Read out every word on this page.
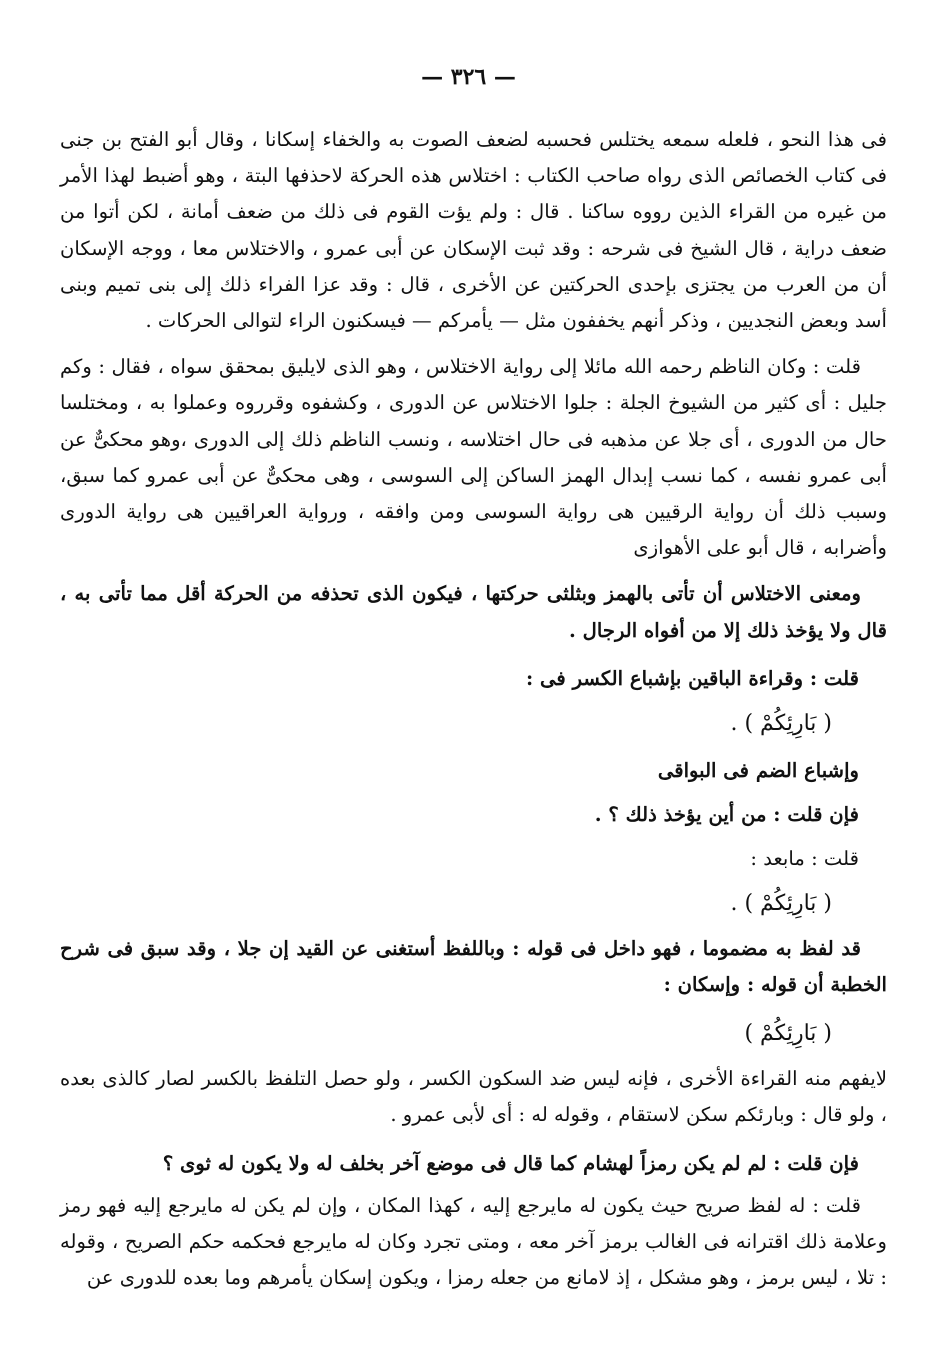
— ٣٢٦ —

فى هذا النحو ، فلعله سمعه يختلس فحسبه لضعف الصوت به والخفاء إسكانا ، وقال أبو الفتح بن جنى فى كتاب الخصائص الذى رواه صاحب الكتاب : اختلاس هذه الحركة لاحذفها البتة ، وهو أضبط لهذا الأمر من غيره من القراء الذين رووه ساكنا . قال : ولم يؤت القوم فى ذلك من ضعف أمانة ، لكن أتوا من ضعف دراية ، قال الشيخ فى شرحه : وقد ثبت الإسكان عن أبى عمرو ، والاختلاس معا ، ووجه الإسكان أن من العرب من يجتزى بإحدى الحركتين عن الأخرى ، قال : وقد عزا الفراء ذلك إلى بنى تميم وبنى أسد وبعض النجديين ، وذكر أنهم يخففون مثل — يأمركم — فيسكنون الراء لتوالى الحركات .

قلت : وكان الناظم رحمه الله مائلا إلى رواية الاختلاس ، وهو الذى لايليق بمحقق سواه ، فقال : وكم جليل : أى كثير من الشيوخ الجلة : جلوا الاختلاس عن الدورى ، وكشفوه وقرروه وعملوا به ، ومختلسا حال من الدورى ، أى جلا عن مذهبه فى حال اختلاسه ، ونسب الناظم ذلك إلى الدورى ،وهو محكىٌّ عن أبى عمرو نفسه ، كما نسب إبدال الهمز الساكن إلى السوسى ، وهى محكىٌّ عن أبى عمرو كما سبق، وسبب ذلك أن رواية الرقيين هى رواية السوسى ومن وافقه ، ورواية العراقيين هى رواية الدورى وأضرابه ، قال أبو على الأهوازى

ومعنى الاختلاس أن تأتى بالهمز وبثلثى حركتها ، فيكون الذى تحذفه من الحركة أقل مما تأتى به ، قال ولا يؤخذ ذلك إلا من أفواه الرجال .

قلت : وقراءة الباقين بإشباع الكسر فى :

( بَارِئِكُمْ ) .

وإشباع الضم فى البواقى

فإن قلت : من أين يؤخذ ذلك ؟ .

قلت : مابعد :

( بَارِئِكُمْ ) .

قد لفظ به مضموما ، فهو داخل فى قوله : وباللفظ أستغنى عن القيد إن جلا ، وقد سبق فى شرح الخطبة أن قوله : وإسكان :

( بَارِئِكُمْ )

لايفهم منه القراءة الأخرى ، فإنه ليس ضد السكون الكسر ، ولو حصل التلفظ بالكسر لصار كالذى بعده ، ولو قال : وبارئكم سكن لاستقام ، وقوله له : أى لأبى عمرو .

فإن قلت : لم لم يكن رمزاً لهشام كما قال فى موضع آخر بخلف له ولا يكون له ثوى ؟

قلت : له لفظ صريح حيث يكون له مايرجع إليه ، كهذا المكان ، وإن لم يكن له مايرجع إليه فهو رمز وعلامة ذلك اقترانه فى الغالب برمز آخر معه ، ومتى تجرد وكان له مايرجع فحكمه حكم الصريح ، وقوله : تلا ، ليس برمز ، وهو مشكل ، إذ لامانع من جعله رمزا ، ويكون إسكان يأمرهم وما بعده للدورى عن
